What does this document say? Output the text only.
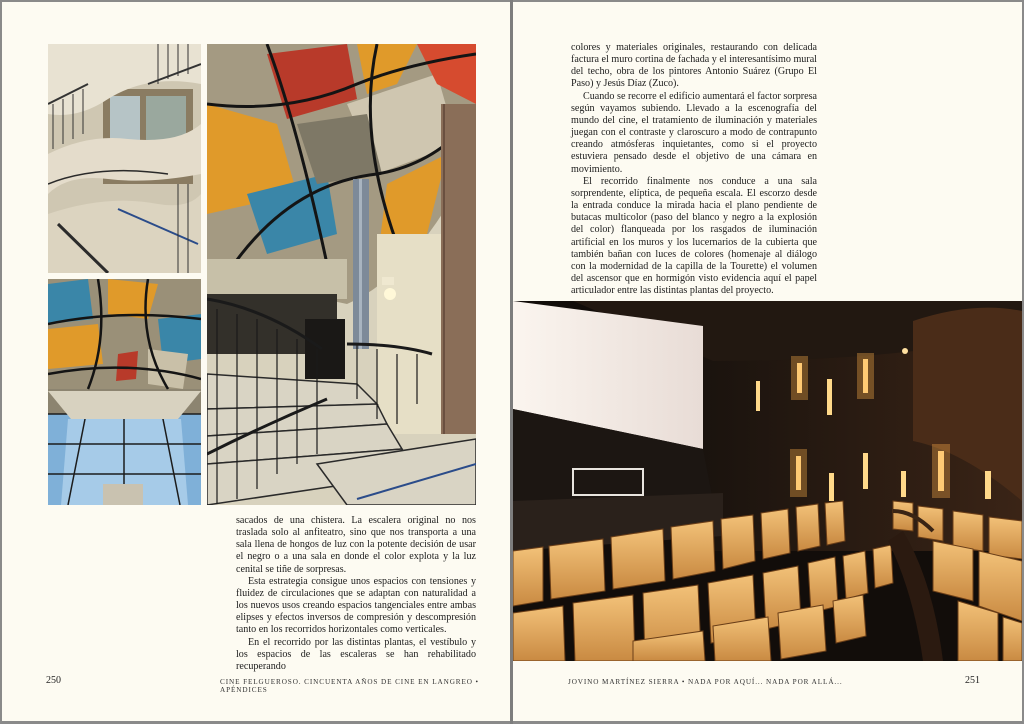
sacados de una chistera. La escalera original no nos traslada solo al anfiteatro, sino que nos transporta a una sala llena de hongos de luz con la potente decisión de usar el negro o a una sala en donde el color explota y la luz cenital se tiñe de sorpresas.

Esta estrategia consigue unos espacios con tensiones y fluidez de circulaciones que se adaptan con naturalidad a los nuevos usos creando espacios tangenciales entre ambas elipses y efectos inversos de compresión y descompresión tanto en los recorridos horizontales como verticales.

En el recorrido por las distintas plantas, el vestíbulo y los espacios de las escaleras se han rehabilitado recuperando

250	CINE FELGUEROSO. CINCUENTA AÑOS DE CINE EN LANGREO • APÉNDICES

colores y materiales originales, restaurando con delicada factura el muro cortina de fachada y el interesantísimo mural del techo, obra de los pintores Antonio Suárez (Grupo El Paso) y Jesús Díaz (Zuco).

Cuando se recorre el edificio aumentará el factor sorpresa según vayamos subiendo. Llevado a la escenografía del mundo del cine, el tratamiento de iluminación y materiales juegan con el contraste y claroscuro a modo de contrapunto creando atmósferas inquietantes, como si el proyecto estuviera pensado desde el objetivo de una cámara en movimiento.

El recorrido finalmente nos conduce a una sala sorprendente, elíptica, de pequeña escala. El escorzo desde la entrada conduce la mirada hacia el plano pendiente de butacas multicolor (paso del blanco y negro a la explosión del color) flanqueada por los rasgados de iluminación artificial en los muros y los lucernarios de la cubierta que también bañan con luces de colores (homenaje al diálogo con la modernidad de la capilla de la Tourette) el volumen del ascensor que en hormigón visto evidencia aquí el papel articulador entre las distintas plantas del proyecto.

JOVINO MARTÍNEZ SIERRA • NADA POR AQUÍ... NADA POR ALLÁ...	251
